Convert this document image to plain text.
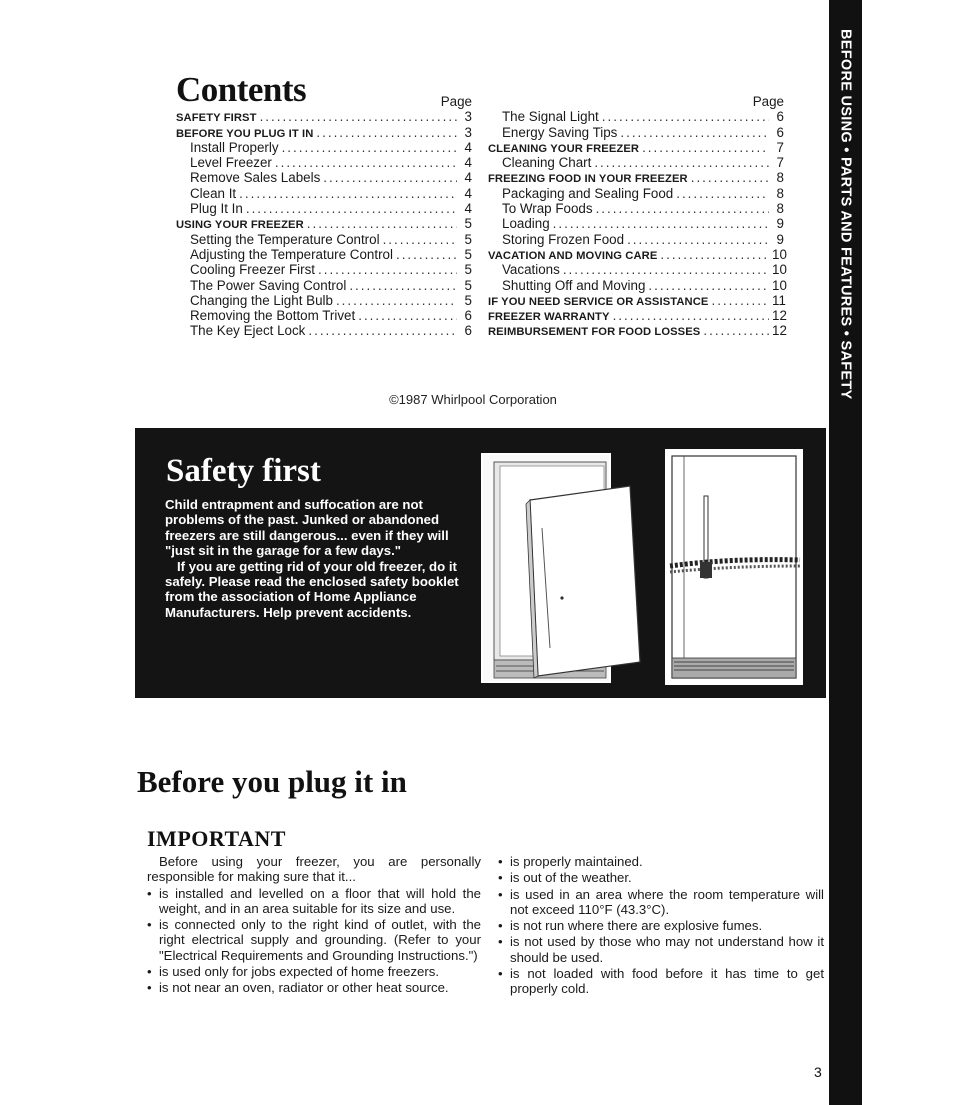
BEFORE USING • PARTS AND FEATURES • SAFETY
3
Contents	Page
SAFETY FIRST .....	3
BEFORE YOU PLUG IT IN .....	3
Install Properly .....	4
Level Freezer .....	4
Remove Sales Labels .....	4
Clean It .....	4
Plug It In .....	4
USING YOUR FREEZER .....	5
Setting the Temperature Control .....	5
Adjusting the Temperature Control .....	5
Cooling Freezer First .....	5
The Power Saving Control .....	5
Changing the Light Bulb .....	5
Removing the Bottom Trivet .....	6
The Key Eject Lock .....	6
Page
The Signal Light .....	6
Energy Saving Tips .....	6
CLEANING YOUR FREEZER .....	7
Cleaning Chart .....	7
FREEZING FOOD IN YOUR FREEZER .....	8
Packaging and Sealing Food .....	8
To Wrap Foods .....	8
Loading .....	9
Storing Frozen Food .....	9
VACATION AND MOVING CARE .....	10
Vacations .....	10
Shutting Off and Moving .....	10
IF YOU NEED SERVICE OR ASSISTANCE .....	11
FREEZER WARRANTY .....	12
REIMBURSEMENT FOR FOOD LOSSES .....	12
©1987 Whirlpool Corporation
Safety first

Child entrapment and suffocation are not problems of the past. Junked or abandoned freezers are still dangerous... even if they will "just sit in the garage for a few days."

If you are getting rid of your old freezer, do it safely. Please read the enclosed safety booklet from the association of Home Appliance Manufacturers. Help prevent accidents.

Before you plug it in
IMPORTANT
Before using your freezer, you are personally responsible for making sure that it...
• is installed and levelled on a floor that will hold the weight, and in an area suitable for its size and use.
• is connected only to the right kind of outlet, with the right electrical supply and grounding. (Refer to your "Electrical Requirements and Grounding Instructions.")
• is used only for jobs expected of home freezers.
• is not near an oven, radiator or other heat source.
• is properly maintained.
• is out of the weather.
• is used in an area where the room temperature will not exceed 110°F (43.3°C).
• is not run where there are explosive fumes.
• is not used by those who may not understand how it should be used.
• is not loaded with food before it has time to get properly cold.
